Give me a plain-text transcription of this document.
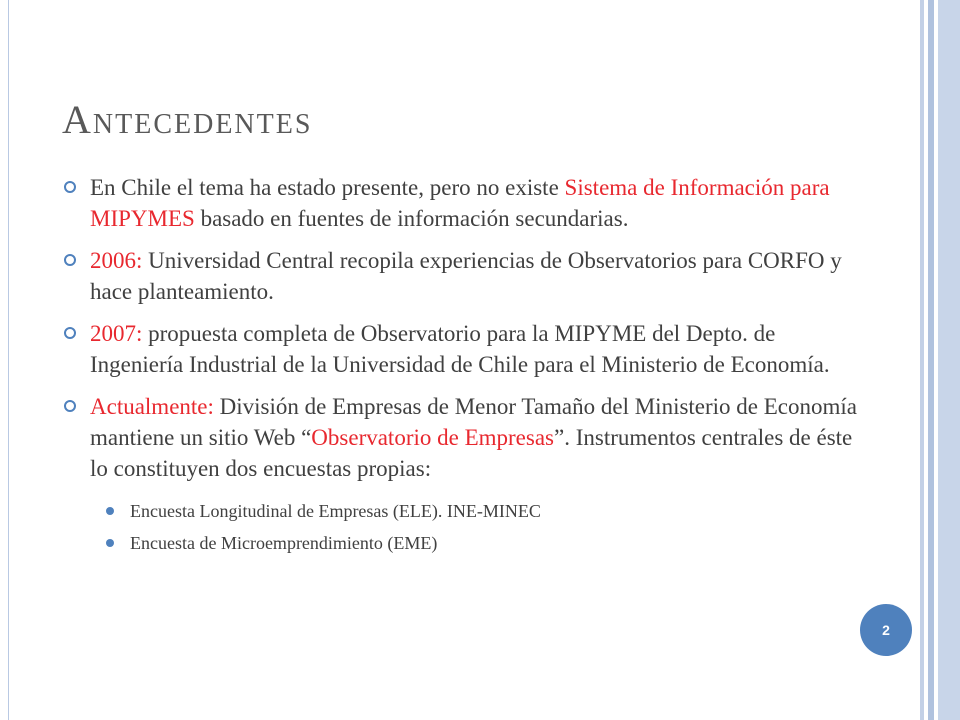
Antecedentes
En Chile el tema ha estado presente, pero no existe Sistema de Información para MIPYMES basado en fuentes de información secundarias.
2006: Universidad Central recopila experiencias de Observatorios para CORFO y hace planteamiento.
2007: propuesta completa de Observatorio para la MIPYME del Depto. de Ingeniería Industrial de la Universidad de Chile para el Ministerio de Economía.
Actualmente: División de Empresas de Menor Tamaño del Ministerio de Economía mantiene un sitio Web “Observatorio de Empresas”. Instrumentos centrales de éste lo constituyen dos encuestas propias:
Encuesta Longitudinal de Empresas (ELE). INE-MINEC
Encuesta de Microemprendimiento (EME)
2
